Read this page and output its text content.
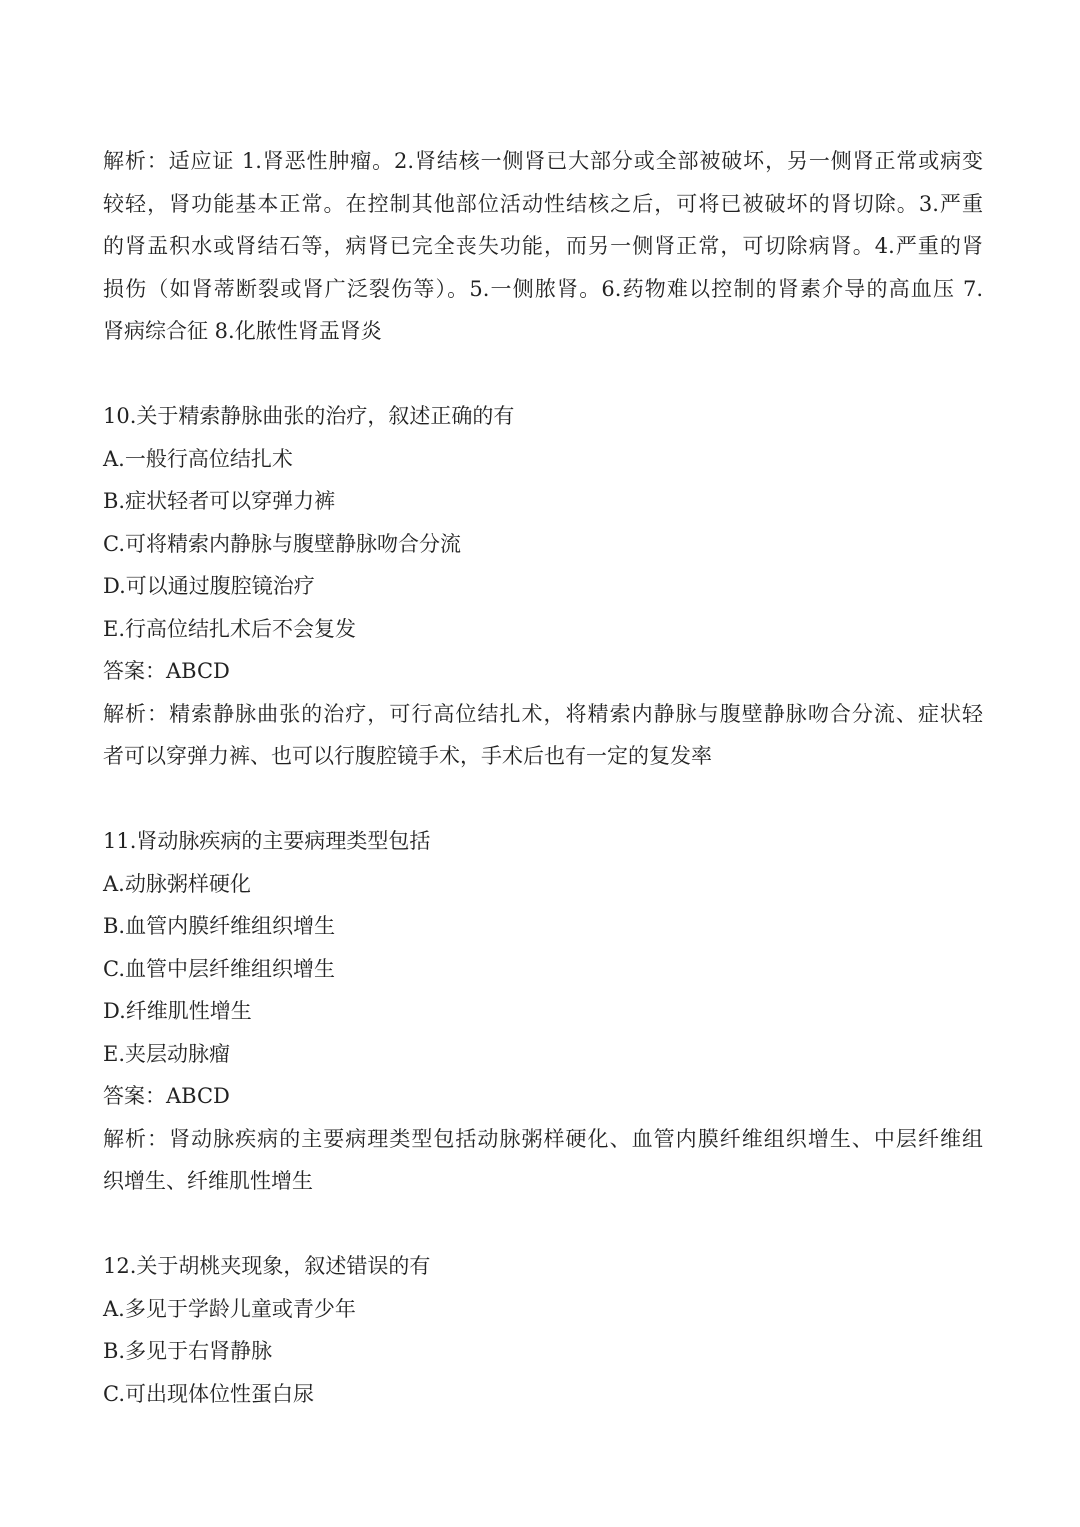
解析：适应证 1.肾恶性肿瘤。2.肾结核一侧肾已大部分或全部被破坏，另一侧肾正常或病变
较轻，肾功能基本正常。在控制其他部位活动性结核之后，可将已被破坏的肾切除。3.严重
的肾盂积水或肾结石等，病肾已完全丧失功能，而另一侧肾正常，可切除病肾。4.严重的肾
损伤（如肾蒂断裂或肾广泛裂伤等）。5.一侧脓肾。6.药物难以控制的肾素介导的高血压 7.
肾病综合征 8.化脓性肾盂肾炎
10.关于精索静脉曲张的治疗，叙述正确的有
A.一般行高位结扎术
B.症状轻者可以穿弹力裤
C.可将精索内静脉与腹壁静脉吻合分流
D.可以通过腹腔镜治疗
E.行高位结扎术后不会复发
答案：ABCD
解析：精索静脉曲张的治疗，可行高位结扎术，将精索内静脉与腹壁静脉吻合分流、症状轻
者可以穿弹力裤、也可以行腹腔镜手术，手术后也有一定的复发率
11.肾动脉疾病的主要病理类型包括
A.动脉粥样硬化
B.血管内膜纤维组织增生
C.血管中层纤维组织增生
D.纤维肌性增生
E.夹层动脉瘤
答案：ABCD
解析：肾动脉疾病的主要病理类型包括动脉粥样硬化、血管内膜纤维组织增生、中层纤维组
织增生、纤维肌性增生
12.关于胡桃夹现象，叙述错误的有
A.多见于学龄儿童或青少年
B.多见于右肾静脉
C.可出现体位性蛋白尿
